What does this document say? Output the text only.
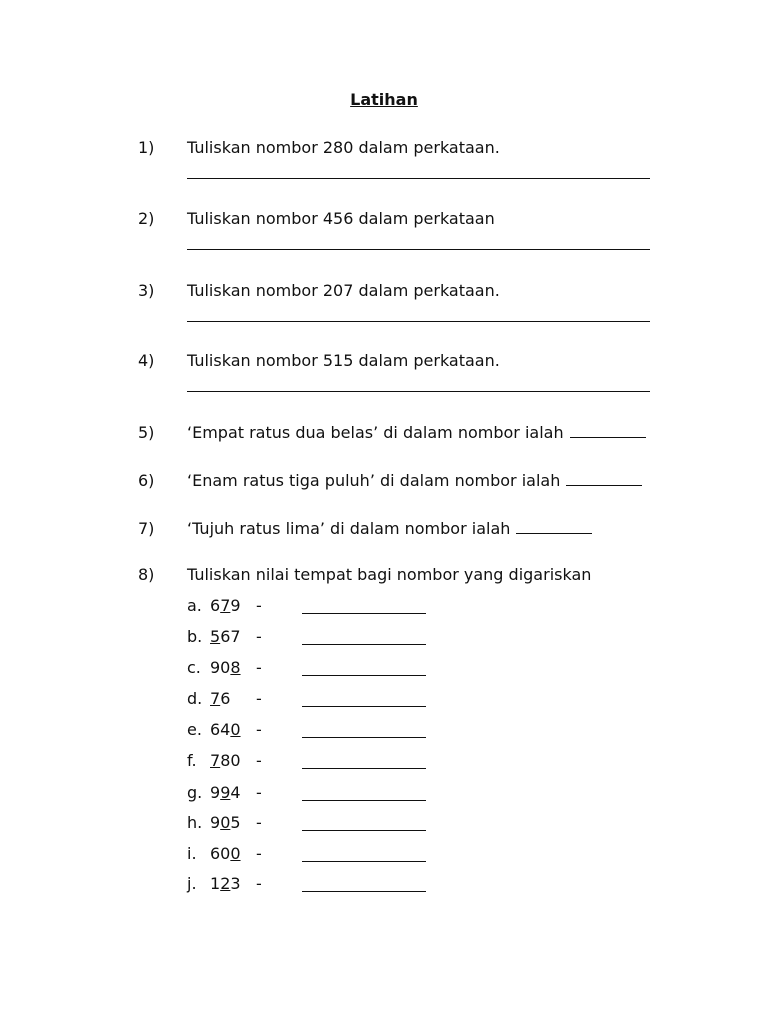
Latihan
1) Tuliskan nombor 280 dalam perkataan.
2) Tuliskan nombor 456 dalam perkataan
3) Tuliskan nombor 207 dalam perkataan.
4) Tuliskan nombor 515 dalam perkataan.
5) ‘Empat ratus dua belas’ di dalam nombor ialah
6) ‘Enam ratus tiga puluh’ di dalam nombor ialah
7) ‘Tujuh ratus lima’ di dalam nombor ialah
8) Tuliskan nilai tempat bagi nombor yang digariskan
a. 679 -
b. 567 -
c. 908 -
d. 76 -
e. 640 -
f. 780 -
g. 994 -
h. 905 -
i. 600 -
j. 123 -
